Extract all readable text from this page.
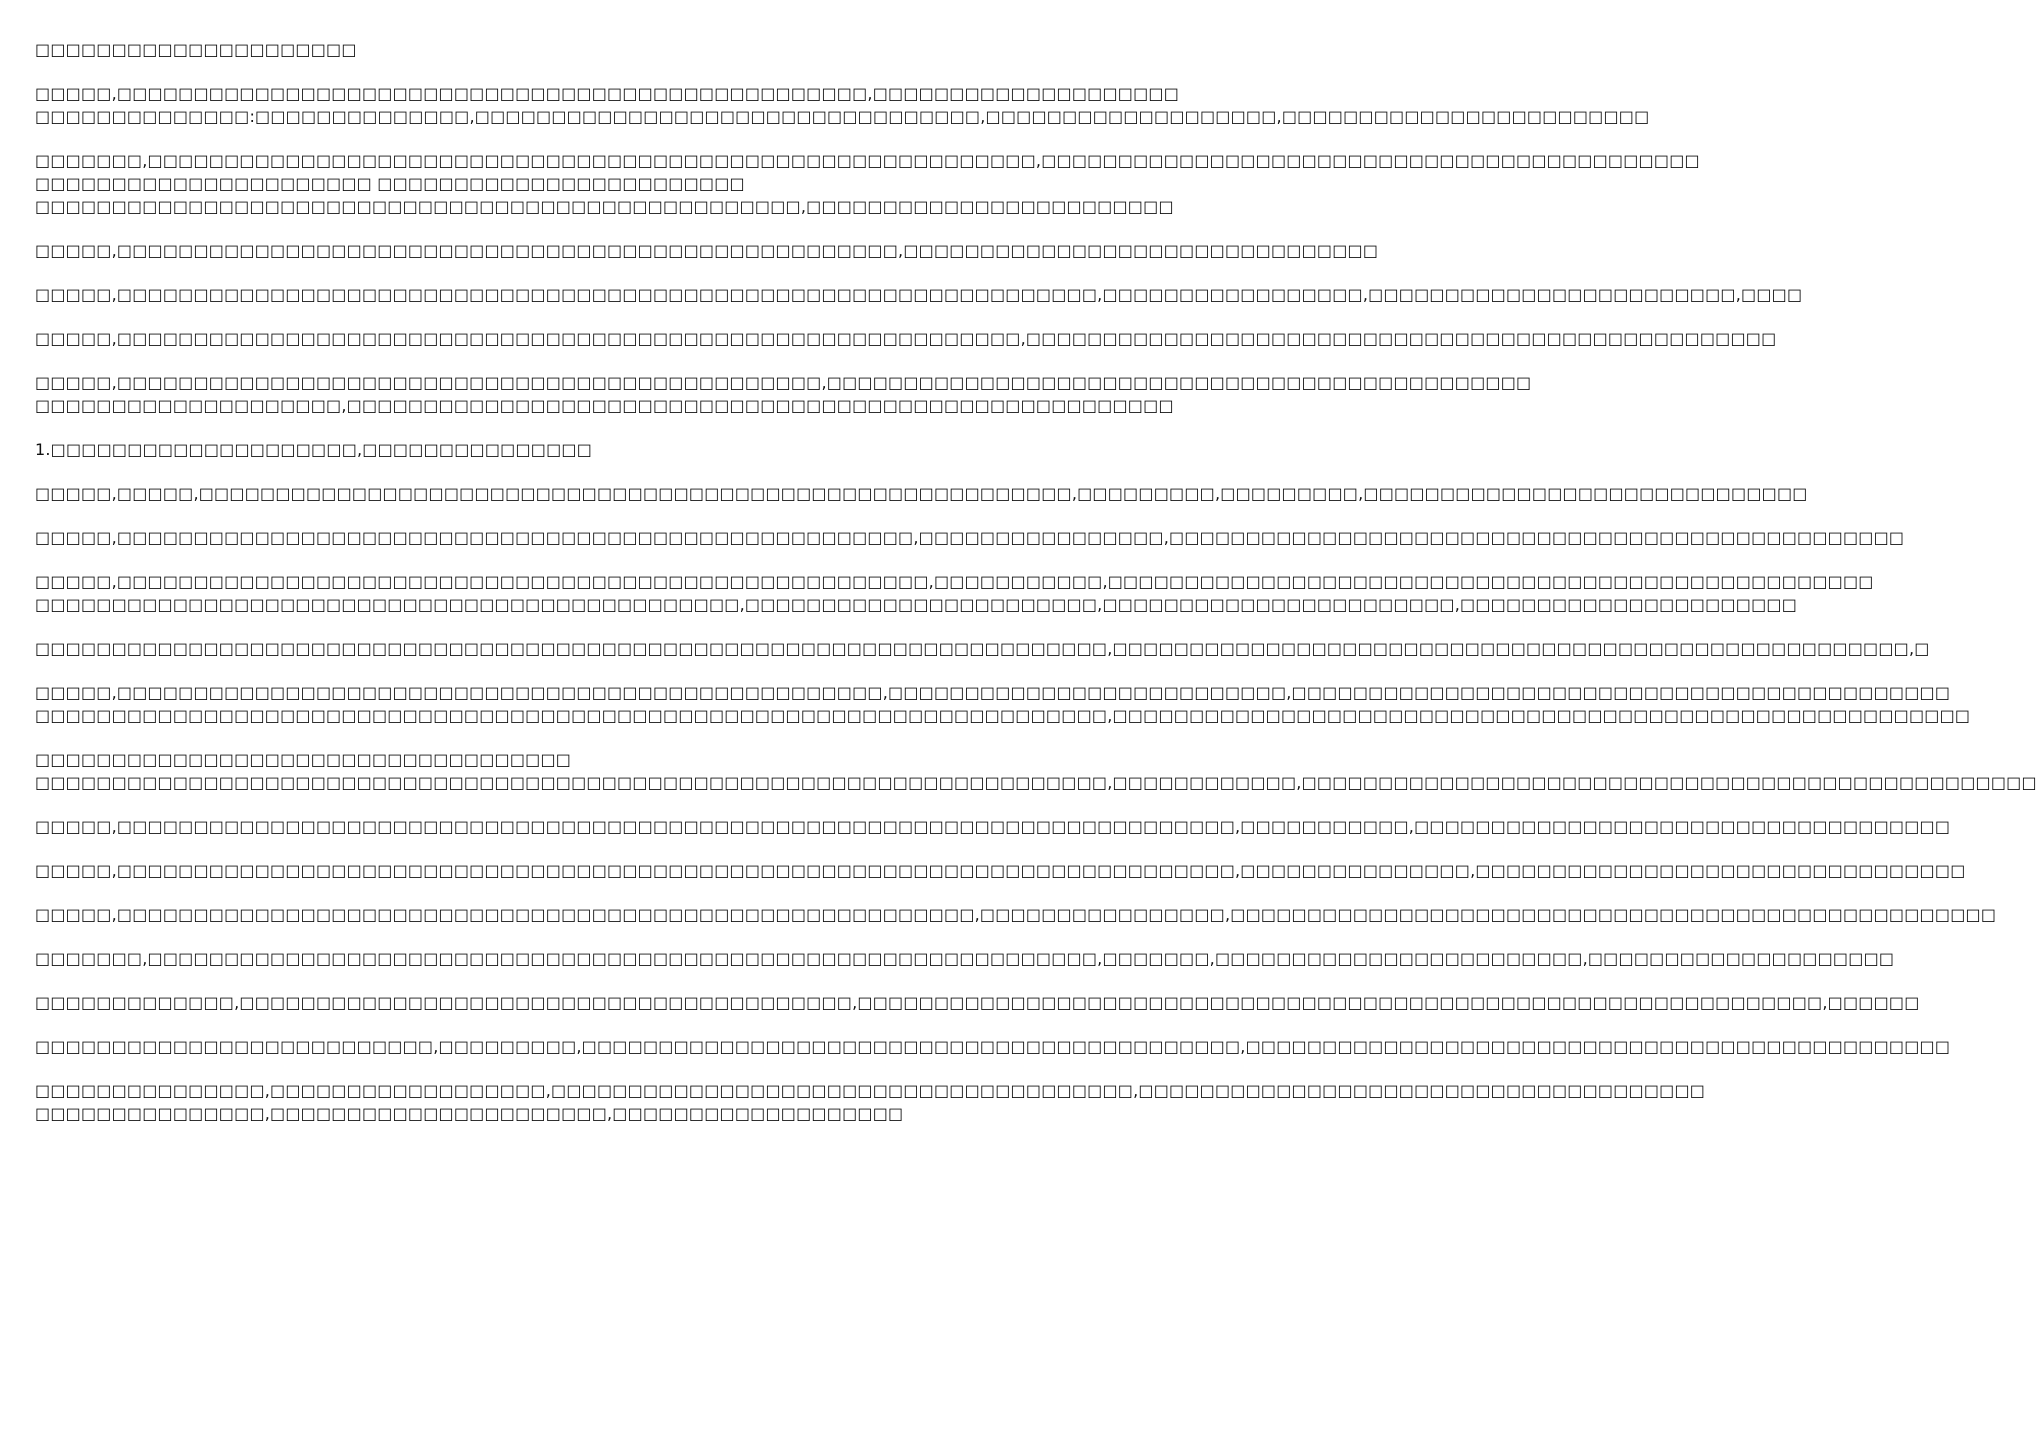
□□□□□□□□□□□□□□□□□□□□□
□□□□□,□□□□□□□□□□□□□□□□□□□□□□□□□□□□□□□□□□□□□□□□□□□□□□□□□,□□□□□□□□□□□□□□□□□□□□
□□□□□□□□□□□□□□:□□□□□□□□□□□□□□,□□□□□□□□□□□□□□□□□□□□□□□□□□□□□□□□□,□□□□□□□□□□□□□□□□□□□,□□□□□□□□□□□□□□□□□□□□□□□□
□□□□□□□,□□□□□□□□□□□□□□□□□□□□□□□□□□□□□□□□□□□□□□□□□□□□□□□□□□□□□□□□□□,□□□□□□□□□□□□□□□□□□□□□□□□□□□□□□□□□□□□□□□□□□□
□□□□□□□□□□□□□□□□□□□□□□ □□□□□□□□□□□□□□□□□□□□□□□□
□□□□□□□□□□□□□□□□□□□□□□□□□□□□□□□□□□□□□□□□□□□□□□□□□□,□□□□□□□□□□□□□□□□□□□□□□□□
□□□□□,□□□□□□□□□□□□□□□□□□□□□□□□□□□□□□□□□□□□□□□□□□□□□□□□□□□,□□□□□□□□□□□□□□□□□□□□□□□□□□□□□□□
□□□□□,□□□□□□□□□□□□□□□□□□□□□□□□□□□□□□□□□□□□□□□□□□□□□□□□□□□□□□□□□□□□□□□□,□□□□□□□□□□□□□□□□□,□□□□□□□□□□□□□□□□□□□□□□□□,□□□□
□□□□□,□□□□□□□□□□□□□□□□□□□□□□□□□□□□□□□□□□□□□□□□□□□□□□□□□□□□□□□□□□□,□□□□□□□□□□□□□□□□□□□□□□□□□□□□□□□□□□□□□□□□□□□□□□□□□
□□□□□,□□□□□□□□□□□□□□□□□□□□□□□□□□□□□□□□□□□□□□□□□□□□□□,□□□□□□□□□□□□□□□□□□□□□□□□□□□□□□□□□□□□□□□□□□□□□□
□□□□□□□□□□□□□□□□□□□□,□□□□□□□□□□□□□□□□□□□□□□□□□□□□□□□□□□□□□□□□□□□□□□□□□□□□□□
1.□□□□□□□□□□□□□□□□□□□□,□□□□□□□□□□□□□□□
□□□□□,□□□□□,□□□□□□□□□□□□□□□□□□□□□□□□□□□□□□□□□□□□□□□□□□□□□□□□□□□□□□□□□,□□□□□□□□□,□□□□□□□□□,□□□□□□□□□□□□□□□□□□□□□□□□□□□□□
□□□□□,□□□□□□□□□□□□□□□□□□□□□□□□□□□□□□□□□□□□□□□□□□□□□□□□□□□□,□□□□□□□□□□□□□□□□,□□□□□□□□□□□□□□□□□□□□□□□□□□□□□□□□□□□□□□□□□□□□□□□□
□□□□□,□□□□□□□□□□□□□□□□□□□□□□□□□□□□□□□□□□□□□□□□□□□□□□□□□□□□□,□□□□□□□□□□□,□□□□□□□□□□□□□□□□□□□□□□□□□□□□□□□□□□□□□□□□□□□□□□□□□□
□□□□□□□□□□□□□□□□□□□□□□□□□□□□□□□□□□□□□□□□□□□□□□,□□□□□□□□□□□□□□□□□□□□□□□,□□□□□□□□□□□□□□□□□□□□□□□,□□□□□□□□□□□□□□□□□□□□□□
□□□□□□□□□□□□□□□□□□□□□□□□□□□□□□□□□□□□□□□□□□□□□□□□□□□□□□□□□□□□□□□□□□□□□□,□□□□□□□□□□□□□□□□□□□□□□□□□□□□□□□□□□□□□□□□□□□□□□□□□□□□,□
□□□□□,□□□□□□□□□□□□□□□□□□□□□□□□□□□□□□□□□□□□□□□□□□□□□□□□□□,□□□□□□□□□□□□□□□□□□□□□□□□□□,□□□□□□□□□□□□□□□□□□□□□□□□□□□□□□□□□□□□□□□□□□□
□□□□□□□□□□□□□□□□□□□□□□□□□□□□□□□□□□□□□□□□□□□□□□□□□□□□□□□□□□□□□□□□□□□□□□,□□□□□□□□□□□□□□□□□□□□□□□□□□□□□□□□□□□□□□□□□□□□□□□□□□□□□□□□
□□□□□□□□□□□□□□□□□□□□□□□□□□□□□□□□□□□
□□□□□□□□□□□□□□□□□□□□□□□□□□□□□□□□□□□□□□□□□□□□□□□□□□□□□□□□□□□□□□□□□□□□□□,□□□□□□□□□□□□,□□□□□□□□□□□□□□□□□□□□□□□□□□□□□□□□□□□□□□□□□□□□□□□□
□□□□□,□□□□□□□□□□□□□□□□□□□□□□□□□□□□□□□□□□□□□□□□□□□□□□□□□□□□□□□□□□□□□□□□□□□□□□□□□,□□□□□□□□□□□,□□□□□□□□□□□□□□□□□□□□□□□□□□□□□□□□□□□
□□□□□,□□□□□□□□□□□□□□□□□□□□□□□□□□□□□□□□□□□□□□□□□□□□□□□□□□□□□□□□□□□□□□□□□□□□□□□□□,□□□□□□□□□□□□□□□,□□□□□□□□□□□□□□□□□□□□□□□□□□□□□□□□
□□□□□,□□□□□□□□□□□□□□□□□□□□□□□□□□□□□□□□□□□□□□□□□□□□□□□□□□□□□□□□,□□□□□□□□□□□□□□□□,□□□□□□□□□□□□□□□□□□□□□□□□□□□□□□□□□□□□□□□□□□□□□□□□□□
□□□□□□□,□□□□□□□□□□□□□□□□□□□□□□□□□□□□□□□□□□□□□□□□□□□□□□□□□□□□□□□□□□□□□□,□□□□□□□,□□□□□□□□□□□□□□□□□□□□□□□□,□□□□□□□□□□□□□□□□□□□□
□□□□□□□□□□□□□,□□□□□□□□□□□□□□□□□□□□□□□□□□□□□□□□□□□□□□□□,□□□□□□□□□□□□□□□□□□□□□□□□□□□□□□□□□□□□□□□□□□□□□□□□□□□□□□□□□□□□□□□,□□□□□□
□□□□□□□□□□□□□□□□□□□□□□□□□□,□□□□□□□□□,□□□□□□□□□□□□□□□□□□□□□□□□□□□□□□□□□□□□□□□□□□□,□□□□□□□□□□□□□□□□□□□□□□□□□□□□□□□□□□□□□□□□□□□□□□
□□□□□□□□□□□□□□□,□□□□□□□□□□□□□□□□□□,□□□□□□□□□□□□□□□□□□□□□□□□□□□□□□□□□□□□□□,□□□□□□□□□□□□□□□□□□□□□□□□□□□□□□□□□□□□□
□□□□□□□□□□□□□□□,□□□□□□□□□□□□□□□□□□□□□□,□□□□□□□□□□□□□□□□□□□
